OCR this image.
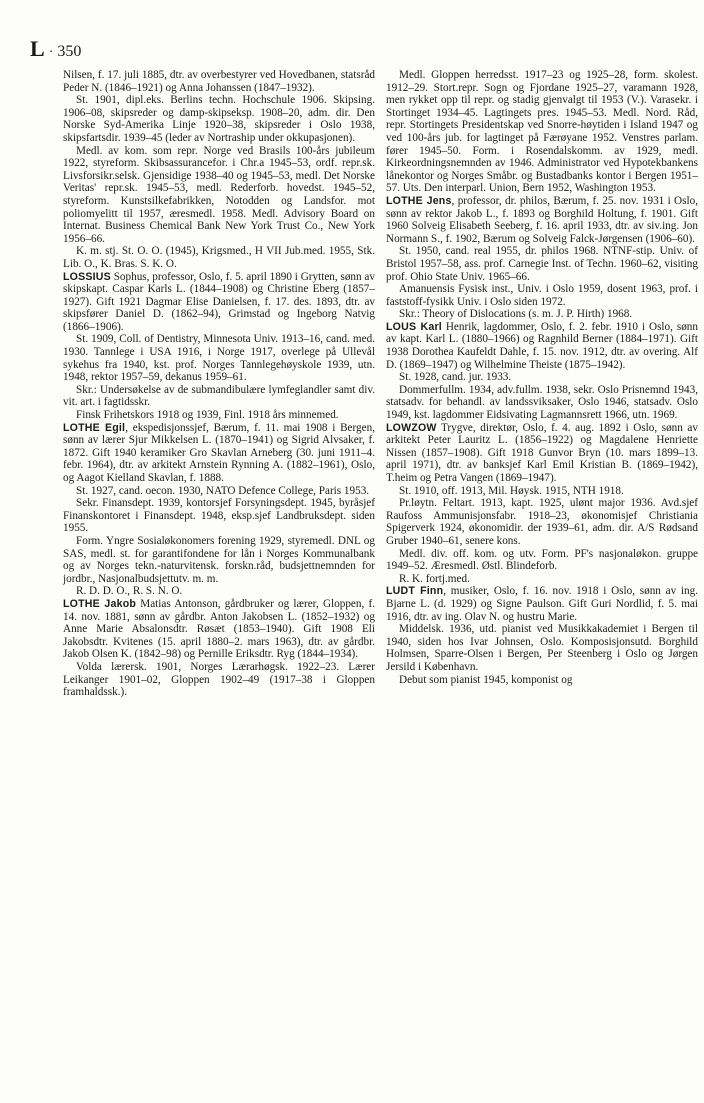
L · 350

Nilsen, f. 17. juli 1885, dtr. av overbestyrer ved Hovedbanen, statsråd Peder N. (1846–1921) og Anna Johanssen (1847–1932).

St. 1901, dipl.eks. Berlins techn. Hochschule 1906. Skipsing. 1906–08, skipsreder og damp-skipseksp. 1908–20, adm. dir. Den Norske Syd-Amerika Linje 1920–38, skipsreder i Oslo 1938, skipsfartsdir. 1939–45 (leder av Nortraship under okkupasjonen).

Medl. av kom. som repr. Norge ved Brasils 100-års jubileum 1922, styreform. Skibsassurancefor. i Chr.a 1945–53, ordf. repr.sk. Livsforsikr.selsk. Gjensidige 1938–40 og 1945–53, medl. Det Norske Veritas' repr.sk. 1945–53, medl. Rederforb. hovedst. 1945–52, styreform. Kunstsilkefabrikken, Notodden og Landsfor. mot poliomyelitt til 1957, æresmedl. 1958. Medl. Advisory Board on Internat. Business Chemical Bank New York Trust Co., New York 1956–66.

K. m. stj. St. O. O. (1945), Krigsmed., H VII Jub.med. 1955, Stk. Lib. O., K. Bras. S. K. O.

LOSSIUS Sophus, professor, Oslo, f. 5. april 1890 i Grytten, sønn av skipskapt. Caspar Karls L. (1844–1908) og Christine Eberg (1857–1927). Gift 1921 Dagmar Elise Danielsen, f. 17. des. 1893, dtr. av skipsfører Daniel D. (1862–94), Grimstad og Ingeborg Natvig (1866–1906).

St. 1909, Coll. of Dentistry, Minnesota Univ. 1913–16, cand. med. 1930. Tannlege i USA 1916, i Norge 1917, overlege på Ullevål sykehus fra 1940, kst. prof. Norges Tannlegehøyskole 1939, utn. 1948, rektor 1957–59, dekanus 1959–61.

Skr.: Undersøkelse av de submandibulære lymfeglandler samt div. vit. art. i fagtidsskr.

Finsk Frihetskors 1918 og 1939, Finl. 1918 års minnemed.

LOTHE Egil, ekspedisjonssjef, Bærum, f. 11. mai 1908 i Bergen, sønn av lærer Sjur Mikkelsen L. (1870–1941) og Sigrid Alvsaker, f. 1872. Gift 1940 keramiker Gro Skavlan Arneberg (30. juni 1911–4. febr. 1964), dtr. av arkitekt Arnstein Rynning A. (1882–1961), Oslo, og Aagot Kielland Skavlan, f. 1888.

St. 1927, cand. oecon. 1930, NATO Defence College, Paris 1953.

Sekr. Finansdept. 1939, kontorsjef Forsyningsdept. 1945, byråsjef Finanskontoret i Finansdept. 1948, eksp.sjef Landbruksdept. siden 1955.

Form. Yngre Sosialøkonomers forening 1929, styremedl. DNL og SAS, medl. st. for garantifondene for lån i Norges Kommunalbank og av Norges tekn.-naturvitensk. forskn.råd, budsjettnemnden for jordbr., Nasjonalbudsjettutv. m. m.

R. D. D. O., R. S. N. O.

LOTHE Jakob Matias Antonson, gårdbruker og lærer, Gloppen, f. 14. nov. 1881, sønn av gårdbr. Anton Jakobsen L. (1852–1932) og Anne Marie Absalonsdtr. Røsæt (1853–1940). Gift 1908 Eli Jakobsdtr. Kvitenes (15. april 1880–2. mars 1963), dtr. av gårdbr. Jakob Olsen K. (1842–98) og Pernille Eriksdtr. Ryg (1844–1934).

Volda lærersk. 1901, Norges Lærarhøgsk. 1922–23. Lærer Leikanger 1901–02, Gloppen 1902–49 (1917–38 i Gloppen framhaldssk.).

Medl. Gloppen herredsst. 1917–23 og 1925–28, form. skolest. 1912–29. Stort.repr. Sogn og Fjordane 1925–27, varamann 1928, men rykket opp til repr. og stadig gjenvalgt til 1953 (V.). Varasekr. i Stortinget 1934–45. Lagtingets pres. 1945–53. Medl. Nord. Råd, repr. Stortingets Presidentskap ved Snorre-høytiden i Island 1947 og ved 100-års jub. for lagtinget på Færøyane 1952. Venstres parlam. fører 1945–50. Form. i Rosendalskomm. av 1929, medl. Kirkeordningsnemnden av 1946. Administrator ved Hypotekbankens lånekontor og Norges Småbr. og Bustadbanks kontor i Bergen 1951–57. Uts. Den interparl. Union, Bern 1952, Washington 1953.

LOTHE Jens, professor, dr. philos, Bærum, f. 25. nov. 1931 i Oslo, sønn av rektor Jakob L., f. 1893 og Borghild Holtung, f. 1901. Gift 1960 Solveig Elisabeth Seeberg, f. 16. april 1933, dtr. av siv.ing. Jon Normann S., f. 1902, Bærum og Solveig Falck-Jørgensen (1906–60).

St. 1950, cand. real 1955, dr. philos 1968. NTNF-stip. Univ. of Bristol 1957–58, ass. prof. Carnegie Inst. of Techn. 1960–62, visiting prof. Ohio State Univ. 1965–66.

Amanuensis Fysisk inst., Univ. i Oslo 1959, dosent 1963, prof. i faststoff-fysikk Univ. i Oslo siden 1972.

Skr.: Theory of Dislocations (s. m. J. P. Hirth) 1968.

LOUS Karl Henrik, lagdommer, Oslo, f. 2. febr. 1910 i Oslo, sønn av kapt. Karl L. (1880–1966) og Ragnhild Berner (1884–1971). Gift 1938 Dorothea Kaufeldt Dahle, f. 15. nov. 1912, dtr. av overing. Alf D. (1869–1947) og Wilhelmine Theiste (1875–1942).

St. 1928, cand. jur. 1933.

Dommerfullm. 1934, adv.fullm. 1938, sekr. Oslo Prisnemnd 1943, statsadv. for behandl. av landssviksaker, Oslo 1946, statsadv. Oslo 1949, kst. lagdommer Eidsivating Lagmannsrett 1966, utn. 1969.

LOWZOW Trygve, direktør, Oslo, f. 4. aug. 1892 i Oslo, sønn av arkitekt Peter Lauritz L. (1856–1922) og Magdalene Henriette Nissen (1857–1908). Gift 1918 Gunvor Bryn (10. mars 1899–13. april 1971), dtr. av banksjef Karl Emil Kristian B. (1869–1942), T.heim og Petra Vangen (1869–1947).

St. 1910, off. 1913, Mil. Høysk. 1915, NTH 1918.

Pr.løytn. Feltart. 1913, kapt. 1925, ulønt major 1936. Avd.sjef Raufoss Ammunisjonsfabr. 1918–23, økonomisjef Christiania Spigerverk 1924, økonomidir. der 1939–61, adm. dir. A/S Rødsand Gruber 1940–61, senere kons.

Medl. div. off. kom. og utv. Form. PF's nasjonaløkon. gruppe 1949–52. Æresmedl. Østl. Blindeforb.

R. K. fortj.med.

LUDT Finn, musiker, Oslo, f. 16. nov. 1918 i Oslo, sønn av ing. Bjarne L. (d. 1929) og Signe Paulson. Gift Guri Nordlid, f. 5. mai 1916, dtr. av ing. Olav N. og hustru Marie.

Middelsk. 1936, utd. pianist ved Musikkakademiet i Bergen til 1940, siden hos Ivar Johnsen, Oslo. Komposisjonsutd. Borghild Holmsen, Sparre-Olsen i Bergen, Per Steenberg i Oslo og Jørgen Jersild i København.

Debut som pianist 1945, komponist og
